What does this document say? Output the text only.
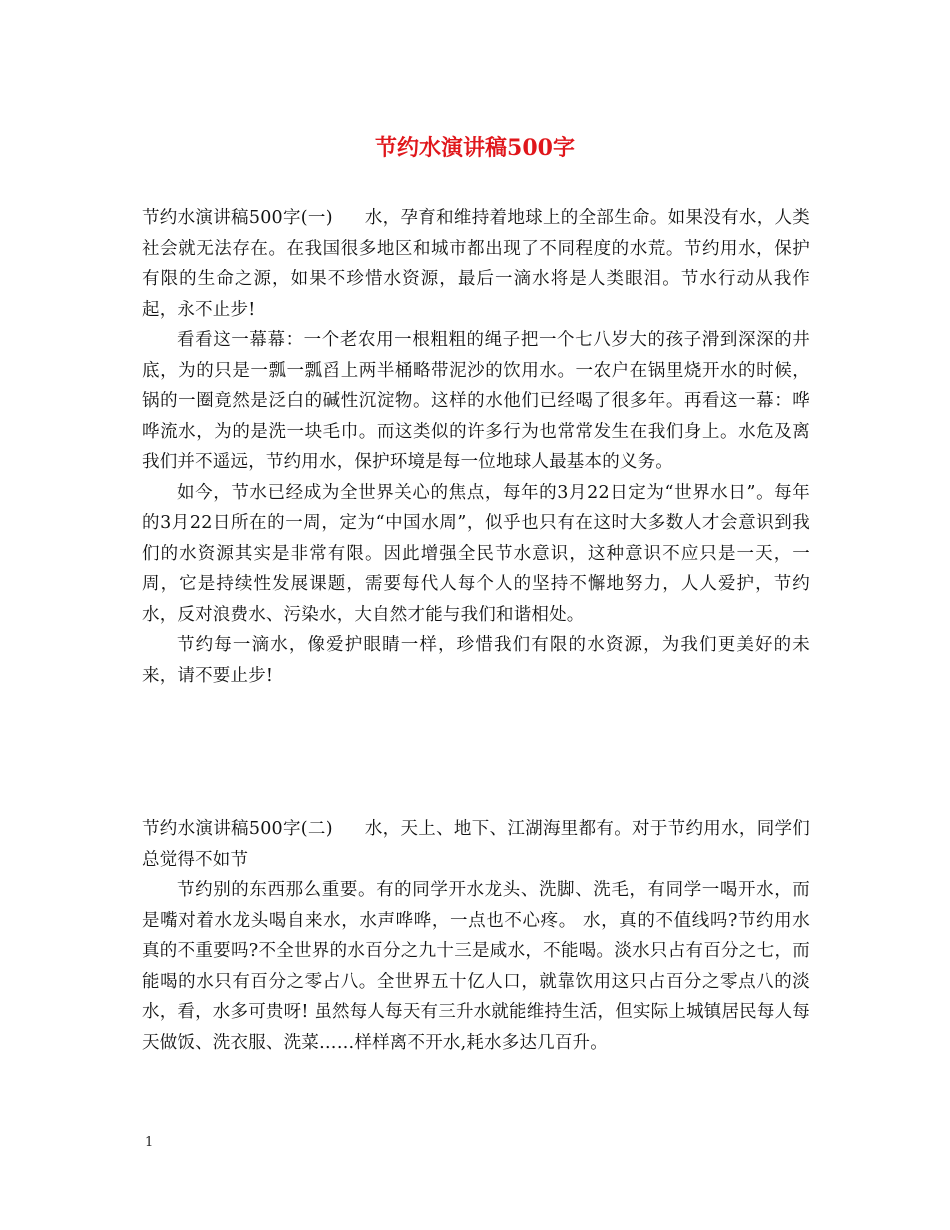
节约水演讲稿500字

节约水演讲稿500字(一) 水，孕育和维持着地球上的全部生命。如果没有水，人类社会就无法存在。在我国很多地区和城市都出现了不同程度的水荒。节约用水，保护有限的生命之源，如果不珍惜水资源，最后一滴水将是人类眼泪。节水行动从我作起，永不止步!

看看这一幕幕：一个老农用一根粗粗的绳子把一个七八岁大的孩子滑到深深的井底，为的只是一瓢一瓢舀上两半桶略带泥沙的饮用水。一农户在锅里烧开水的时候，锅的一圈竟然是泛白的碱性沉淀物。这样的水他们已经喝了很多年。再看这一幕：哗哗流水，为的是洗一块毛巾。而这类似的许多行为也常常发生在我们身上。水危及离我们并不遥远，节约用水，保护环境是每一位地球人最基本的义务。

如今，节水已经成为全世界关心的焦点，每年的3月22日定为“世界水日”。每年的3月22日所在的一周，定为“中国水周”，似乎也只有在这时大多数人才会意识到我们的水资源其实是非常有限。因此增强全民节水意识，这种意识不应只是一天，一周，它是持续性发展课题，需要每代人每个人的坚持不懈地努力，人人爱护，节约水，反对浪费水、污染水，大自然才能与我们和谐相处。

节约每一滴水，像爱护眼睛一样，珍惜我们有限的水资源，为我们更美好的未来，请不要止步!

节约水演讲稿500字(二) 水，天上、地下、江湖海里都有。对于节约用水，同学们总觉得不如节

节约别的东西那么重要。有的同学开水龙头、洗脚、洗毛，有同学一喝开水，而是嘴对着水龙头喝自来水，水声哗哗，一点也不心疼。 水，真的不值线吗?节约用水真的不重要吗?不全世界的水百分之九十三是咸水，不能喝。淡水只占有百分之七，而能喝的水只有百分之零占八。全世界五十亿人口，就靠饮用这只占百分之零点八的淡水，看，水多可贵呀! 虽然每人每天有三升水就能维持生活，但实际上城镇居民每人每天做饭、洗衣服、洗菜……样样离不开水,耗水多达几百升。

1
